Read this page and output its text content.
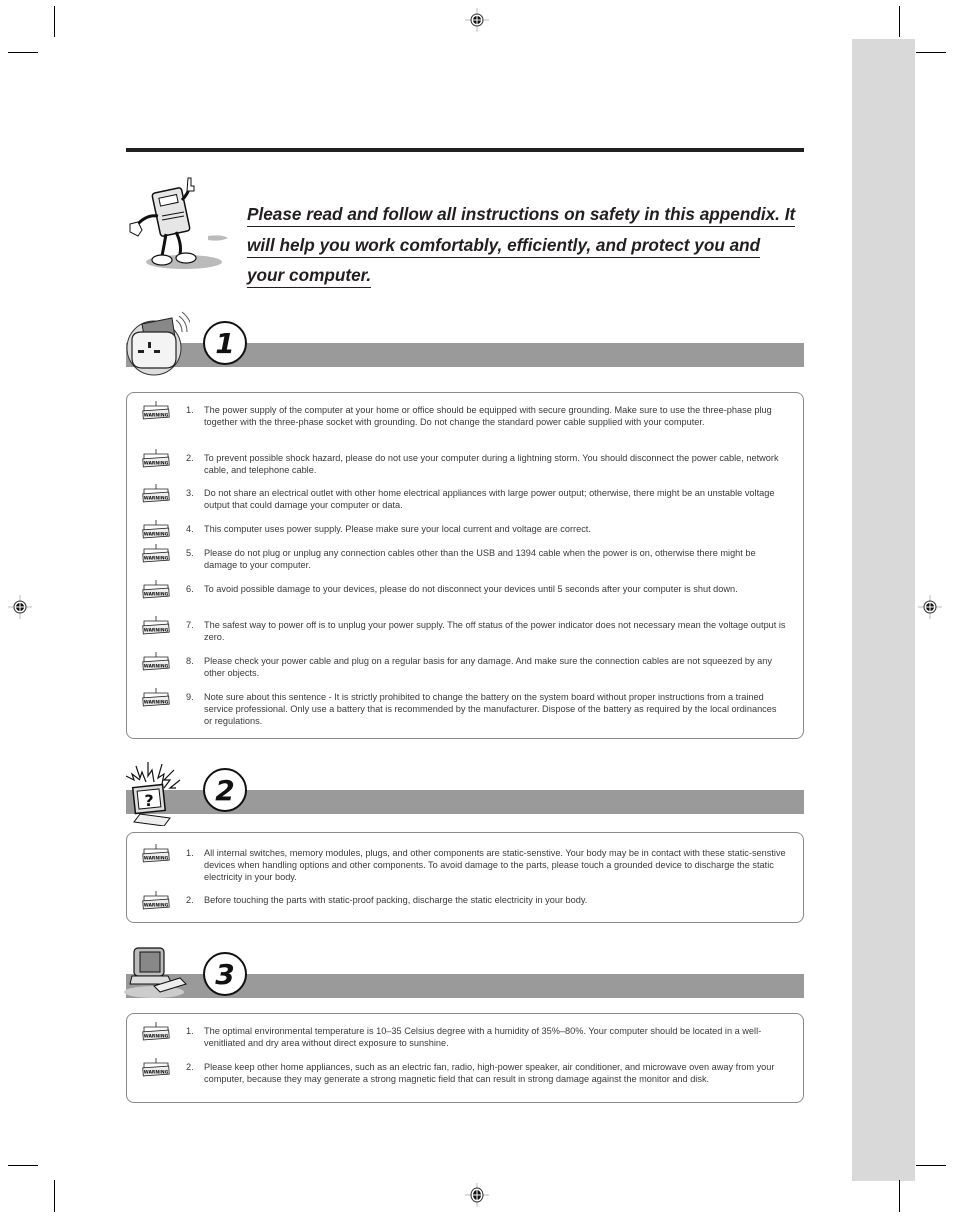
Please read and follow all instructions on safety in this appendix. It
will help you work comfortably, efficiently, and protect you and
your computer.
1
WARNING
1.	The power supply of the computer at your home or office should be equipped with secure grounding. Make sure to use the three-phase plug together with the three-phase socket with grounding. Do not change the standard power cable supplied with your computer.
WARNING
2.	To prevent possible shock hazard, please do not use your computer during a lightning storm. You should disconnect the power cable, network cable, and telephone cable.
WARNING
3.	Do not share an electrical outlet with other home electrical appliances with large power output; otherwise, there might be an unstable voltage output that could damage your computer or data.
WARNING
4.	This computer uses power supply. Please make sure your local current and voltage are correct.
WARNING
5.	Please do not plug or unplug any connection cables other than the USB and 1394 cable when the power is on, otherwise there might be damage to your computer.
WARNING
6.	To avoid possible damage to your devices, please do not disconnect your devices until 5 seconds after your computer is shut down.
WARNING
7.	The safest way to power off is to unplug your power supply. The off status of the power indicator does not necessary mean the voltage output is zero.
WARNING
8.	Please check your power cable and plug on a regular basis for any damage. And make sure the connection cables are not squeezed by any other objects.
WARNING
9.	Note sure about this sentence - It is strictly prohibited to change the battery on the system board without proper instructions from a trained service professional. Only use a battery that is recommended by the manufacturer. Dispose of the battery as required by the local ordinances or regulations.
? 2
WARNING
1.	All internal switches, memory modules, plugs, and other components are static-senstive. Your body may be in contact with these static-senstive devices when handling options and other components. To avoid damage to the parts, please touch a grounded device to discharge the static electricity in your body.
WARNING
2.	Before touching the parts with static-proof packing, discharge the static electricity in your body.
3
WARNING
1.	The optimal environmental temperature is 10–35 Celsius degree with a humidity of 35%–80%. Your computer should be located in a well-venitliated and dry area without direct exposure to sunshine.
WARNING
2.	Please keep other home appliances, such as an electric fan, radio, high-power speaker, air conditioner, and microwave oven away from your computer, because they may generate a strong magnetic field that can result in strong damage against the monitor and disk.
